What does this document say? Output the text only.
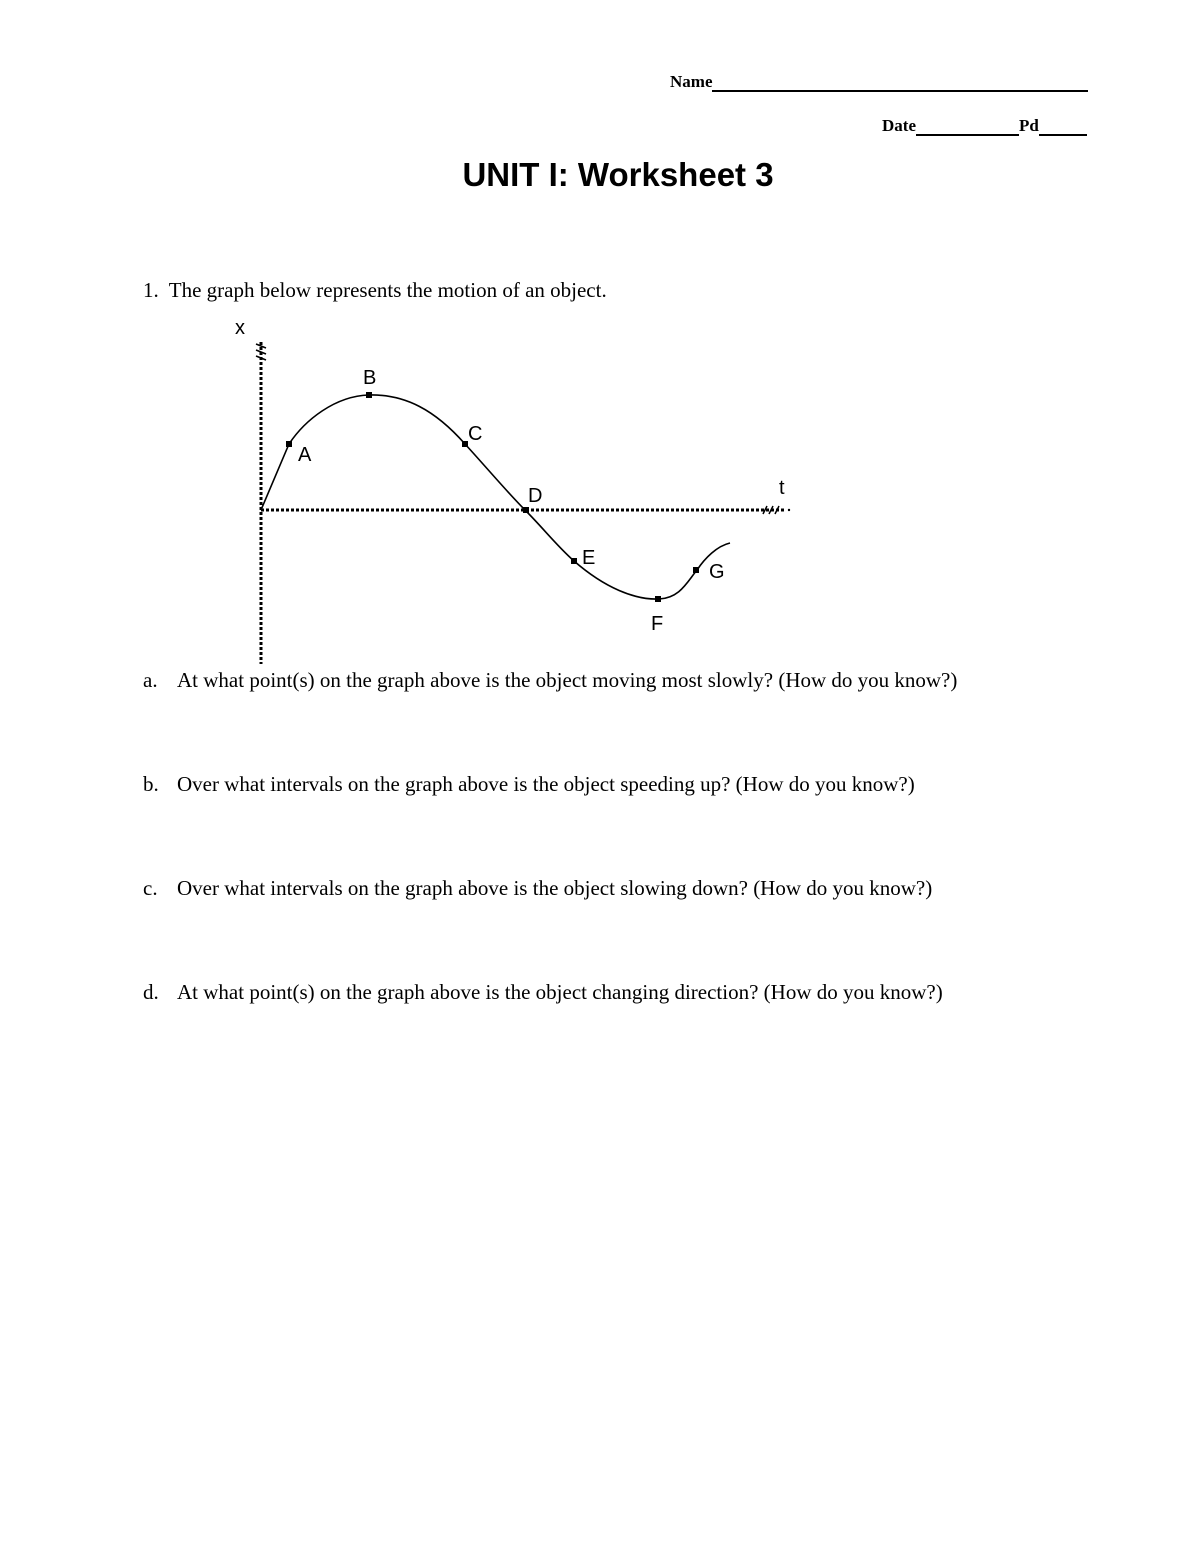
Name
Date	Pd
UNIT I: Worksheet 3
1. The graph below represents the motion of an object.
x
t
A
B
C
D
E
F
G
a. At what point(s) on the graph above is the object moving most slowly? (How do you know?)
b. Over what intervals on the graph above is the object speeding up? (How do you know?)
c. Over what intervals on the graph above is the object slowing down? (How do you know?)
d. At what point(s) on the graph above is the object changing direction? (How do you know?)
